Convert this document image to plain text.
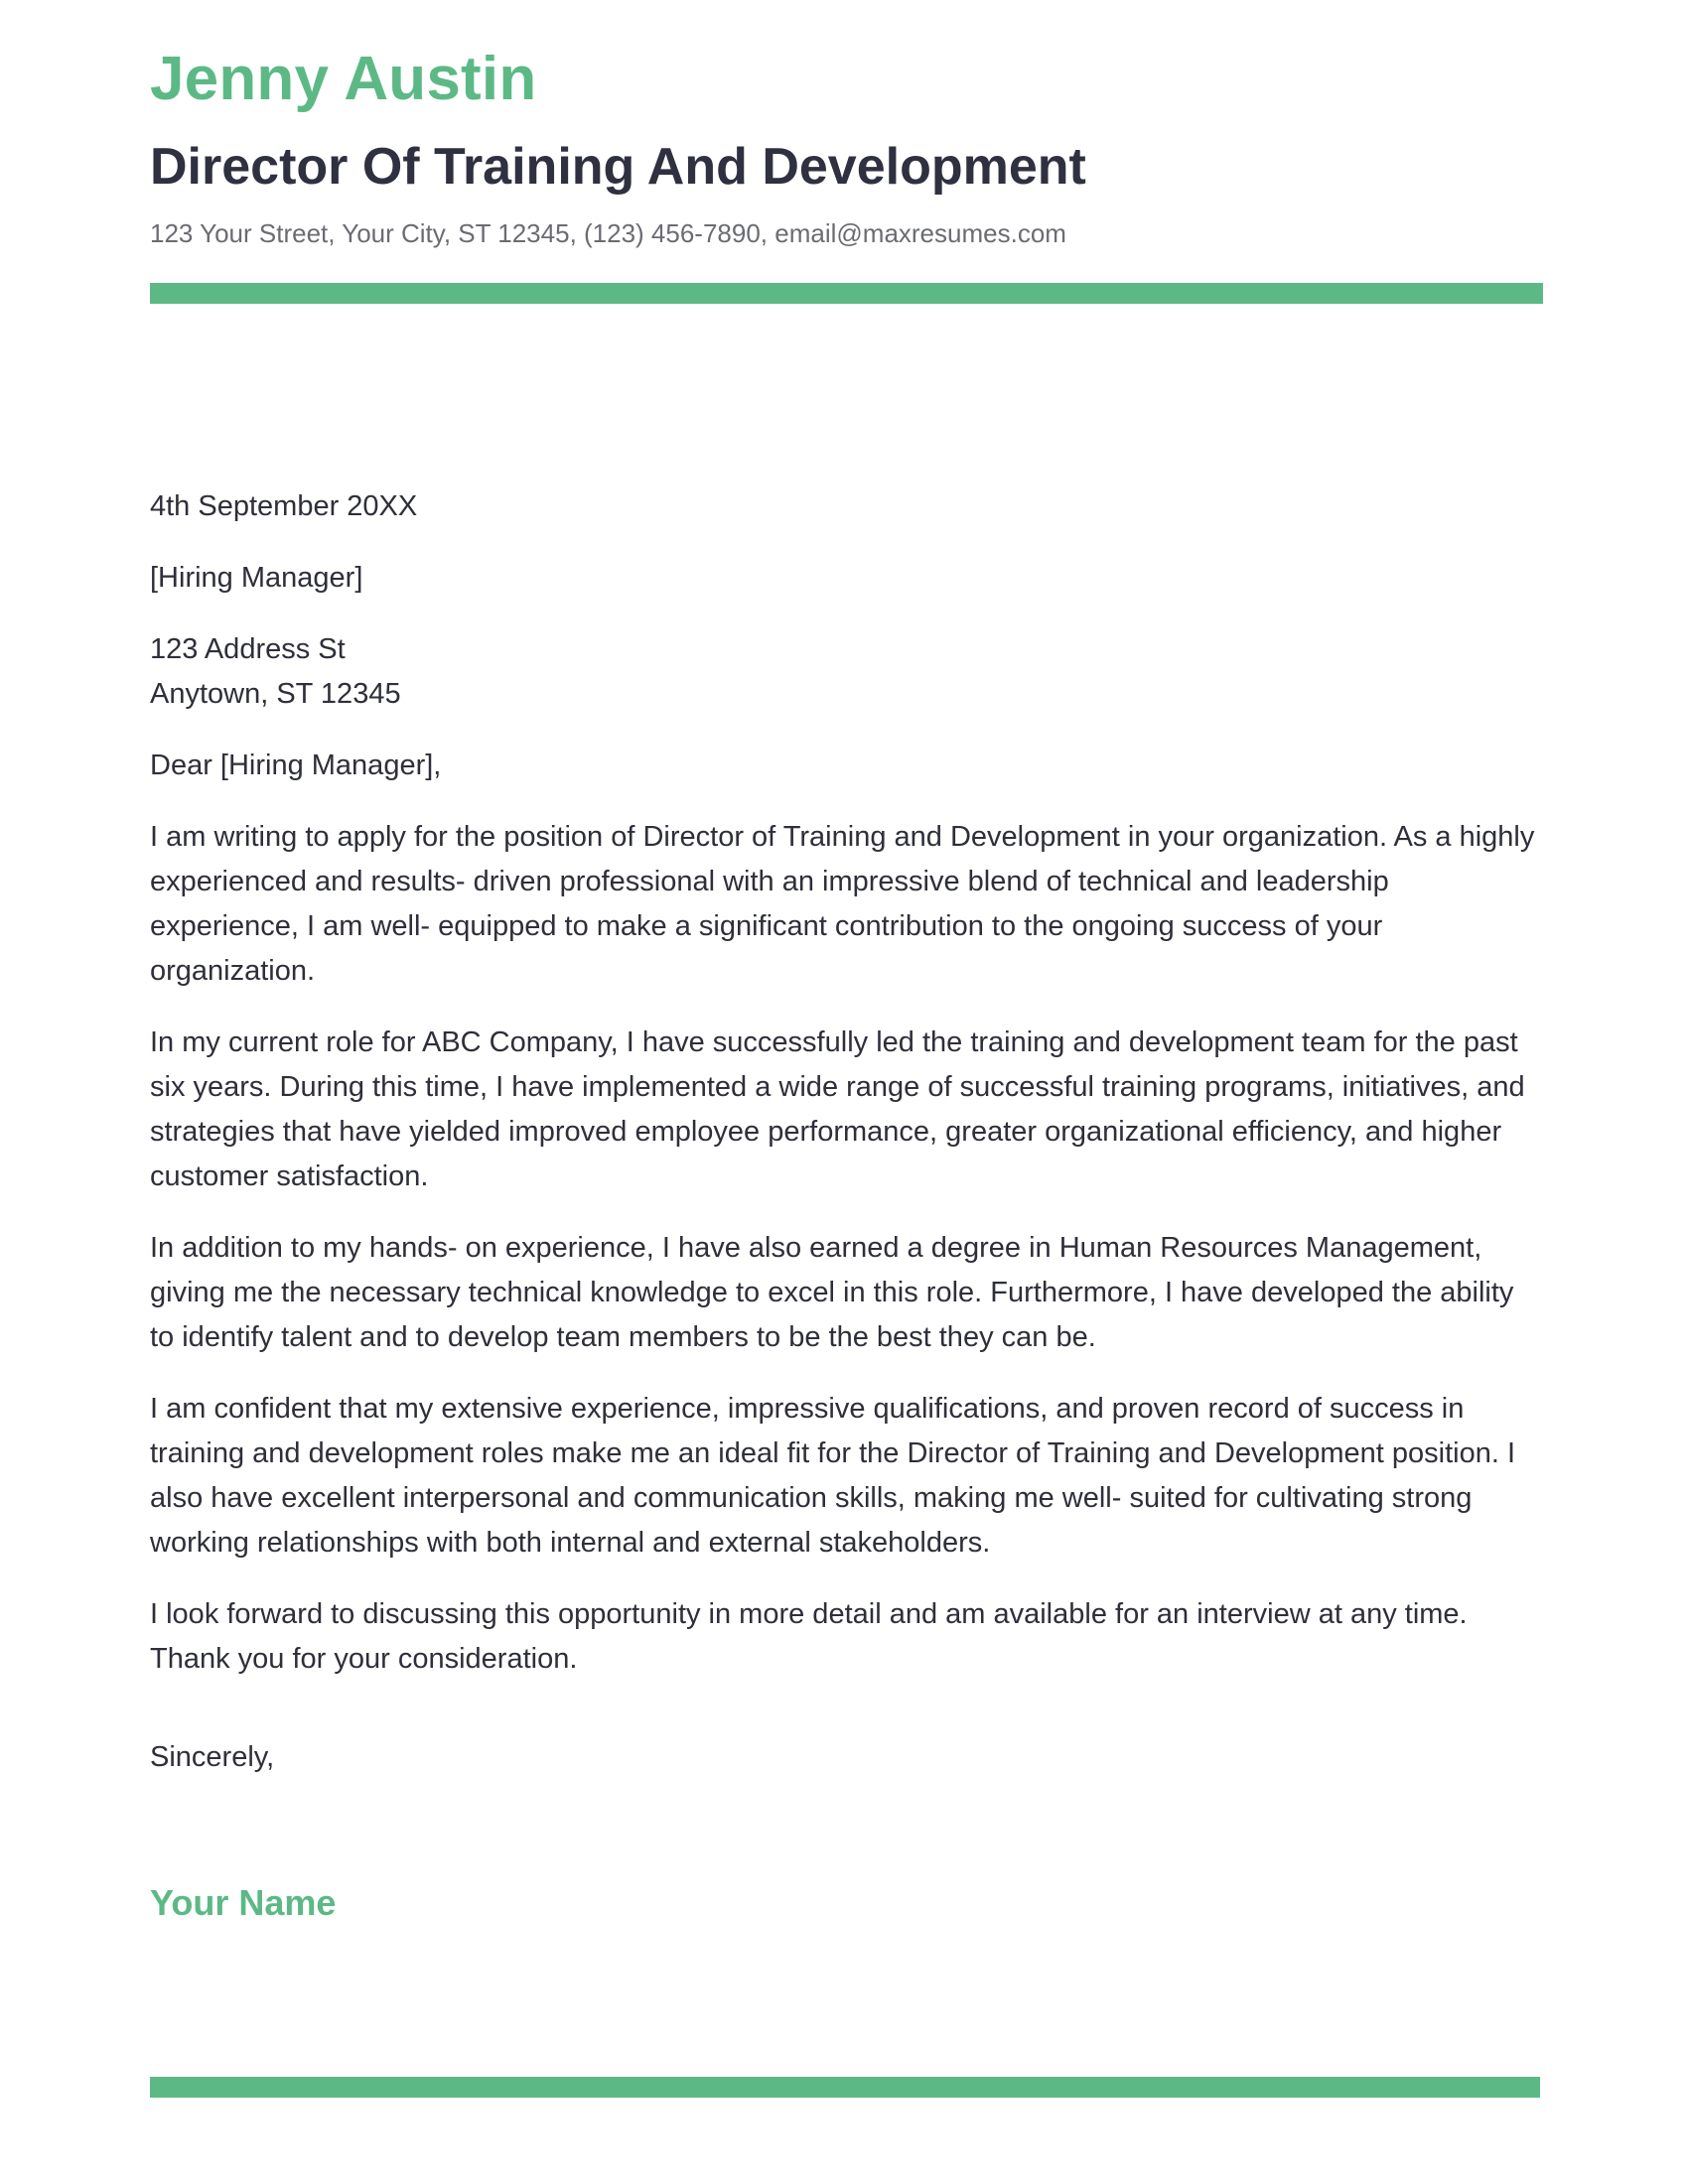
Jenny Austin
Director Of Training And Development
123 Your Street, Your City, ST 12345, (123) 456-7890, email@maxresumes.com

4th September 20XX

[Hiring Manager]

123 Address St

Anytown, ST 12345

Dear [Hiring Manager],

I am writing to apply for the position of Director of Training and Development in your organization. As a highly experienced and results- driven professional with an impressive blend of technical and leadership experience, I am well- equipped to make a significant contribution to the ongoing success of your organization.

In my current role for ABC Company, I have successfully led the training and development team for the past six years. During this time, I have implemented a wide range of successful training programs, initiatives, and strategies that have yielded improved employee performance, greater organizational efficiency, and higher customer satisfaction.

In addition to my hands- on experience, I have also earned a degree in Human Resources Management, giving me the necessary technical knowledge to excel in this role. Furthermore, I have developed the ability to identify talent and to develop team members to be the best they can be.

I am confident that my extensive experience, impressive qualifications, and proven record of success in training and development roles make me an ideal fit for the Director of Training and Development position. I also have excellent interpersonal and communication skills, making me well- suited for cultivating strong working relationships with both internal and external stakeholders.

I look forward to discussing this opportunity in more detail and am available for an interview at any time. Thank you for your consideration.

Sincerely,
Your Name
